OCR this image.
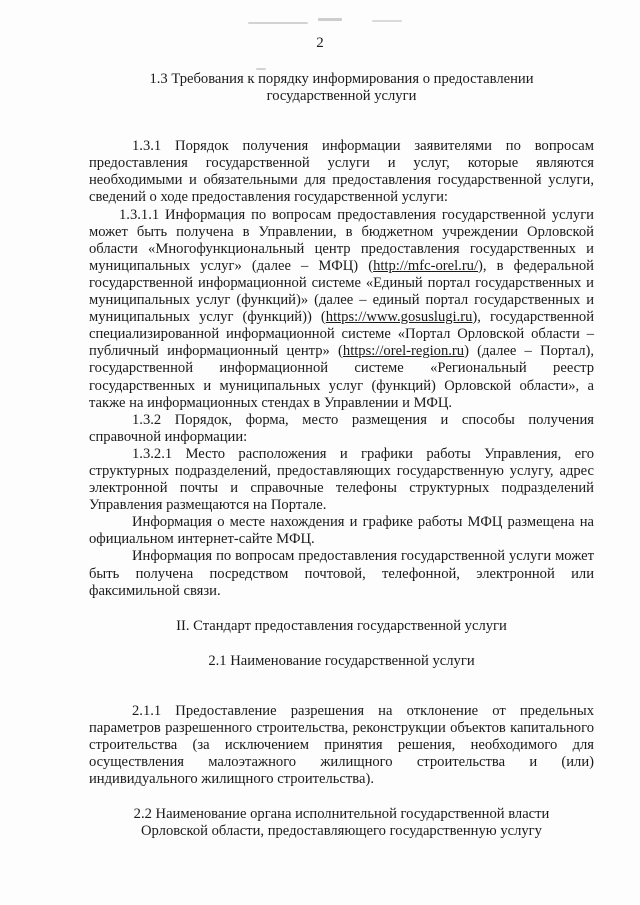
2

1.3 Требования к порядку информирования о предоставлении
государственной услуги

1.3.1 Порядок получения информации заявителями по вопросам предоставления государственной услуги и услуг, которые являются необходимыми и обязательными для предоставления государственной услуги, сведений о ходе предоставления государственной услуги:

1.3.1.1 Информация по вопросам предоставления государственной услуги может быть получена в Управлении, в бюджетном учреждении Орловской области «Многофункциональный центр предоставления государственных и муниципальных услуг» (далее – МФЦ) (http://mfc-orel.ru/), в федеральной государственной информационной системе «Единый портал государственных и муниципальных услуг (функций)» (далее – единый портал государственных и муниципальных услуг (функций)) (https://www.gosuslugi.ru), государственной специализированной информационной системе «Портал Орловской области – публичный информационный центр» (https://orel-region.ru) (далее – Портал), государственной информационной системе «Региональный реестр государственных и муниципальных услуг (функций) Орловской области», а также на информационных стендах в Управлении и МФЦ.

1.3.2 Порядок, форма, место размещения и способы получения справочной информации:

1.3.2.1 Место расположения и графики работы Управления, его структурных подразделений, предоставляющих государственную услугу, адрес электронной почты и справочные телефоны структурных подразделений Управления размещаются на Портале.

Информация о месте нахождения и графике работы МФЦ размещена на официальном интернет-сайте МФЦ.

Информация по вопросам предоставления государственной услуги может быть получена посредством почтовой, телефонной, электронной или факсимильной связи.

II. Стандарт предоставления государственной услуги

2.1 Наименование государственной услуги

2.1.1 Предоставление разрешения на отклонение от предельных параметров разрешенного строительства, реконструкции объектов капитального строительства (за исключением принятия решения, необходимого для осуществления малоэтажного жилищного строительства и (или) индивидуального жилищного строительства).

2.2 Наименование органа исполнительной государственной власти
Орловской области, предоставляющего государственную услугу
